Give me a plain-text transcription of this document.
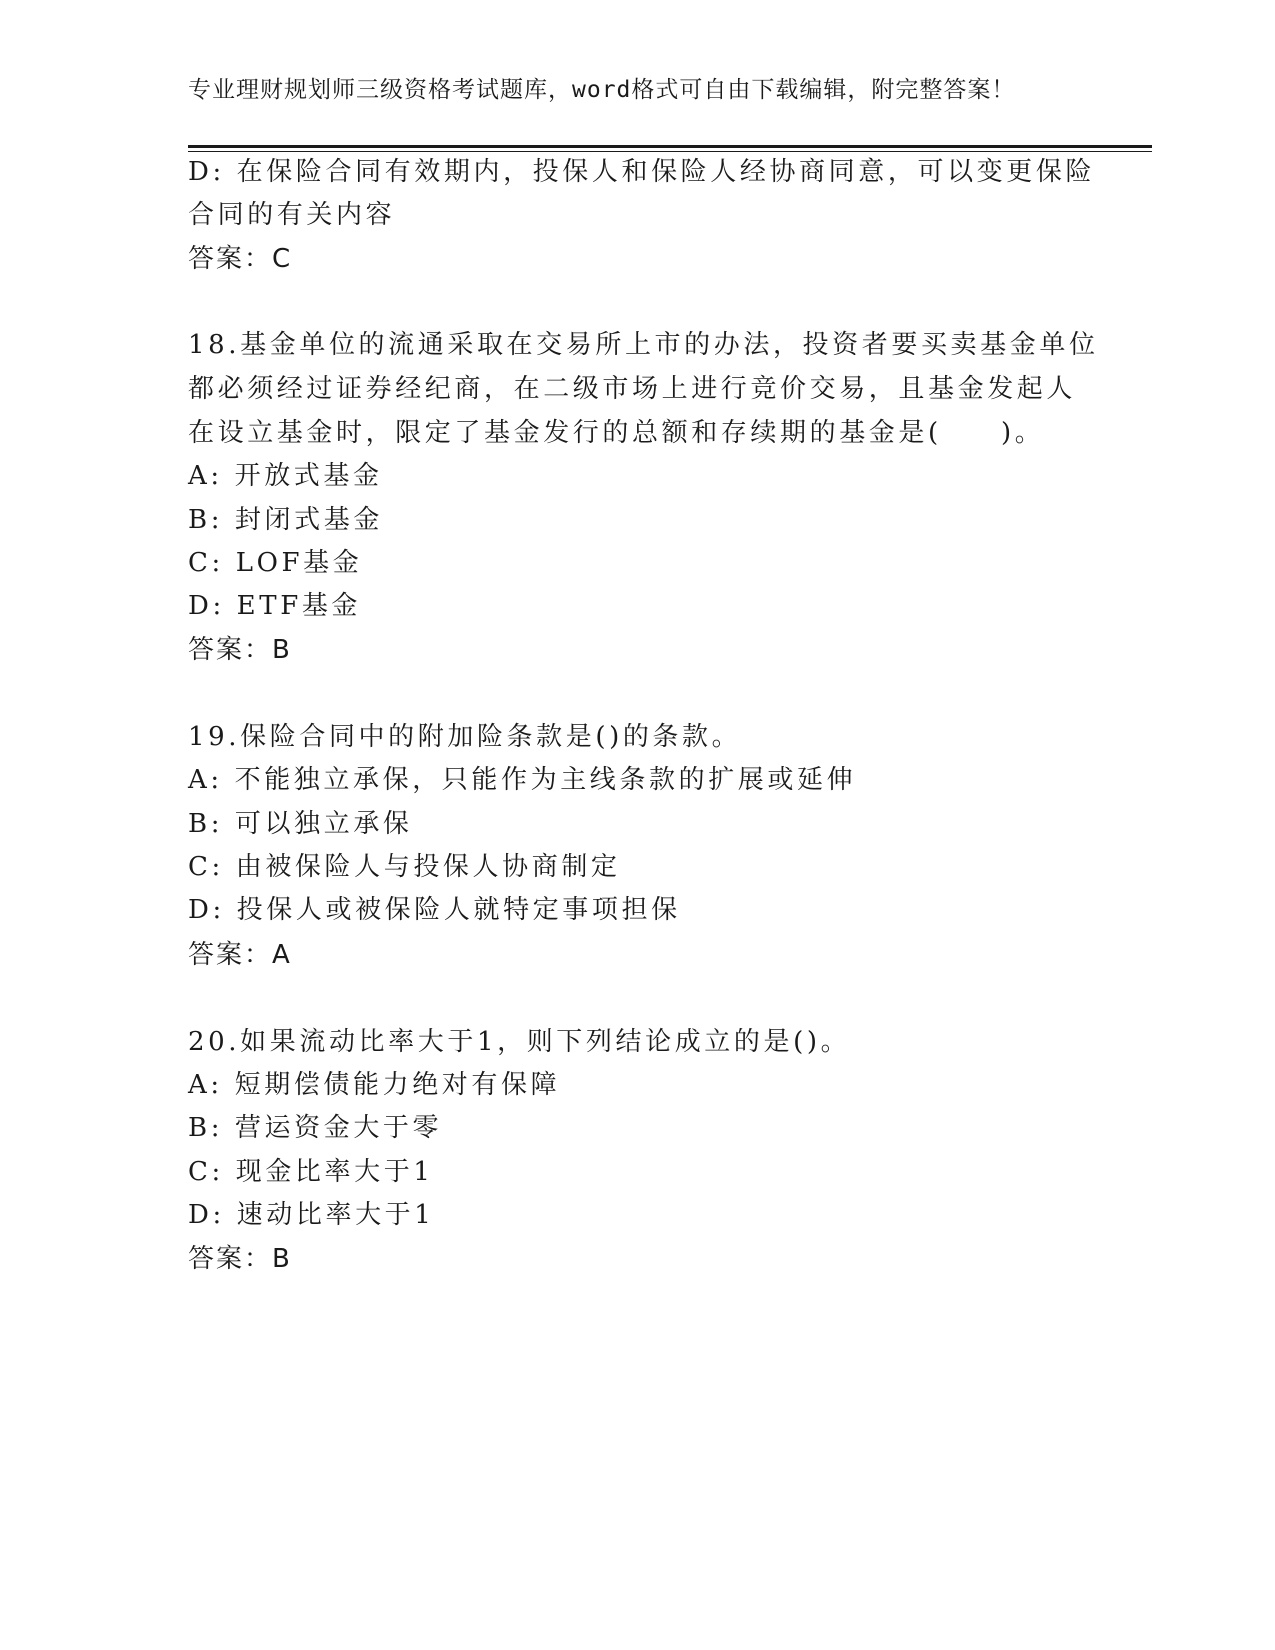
专业理财规划师三级资格考试题库，word格式可自由下载编辑，附完整答案！
D: 在保险合同有效期内，投保人和保险人经协商同意，可以变更保险
合同的有关内容
答案：C
18.基金单位的流通采取在交易所上市的办法，投资者要买卖基金单位
都必须经过证券经纪商，在二级市场上进行竞价交易，且基金发起人
在设立基金时，限定了基金发行的总额和存续期的基金是(　　)。
A: 开放式基金
B: 封闭式基金
C: LOF基金
D: ETF基金
答案：B
19.保险合同中的附加险条款是()的条款。
A: 不能独立承保，只能作为主线条款的扩展或延伸
B: 可以独立承保
C: 由被保险人与投保人协商制定
D: 投保人或被保险人就特定事项担保
答案：A
20.如果流动比率大于1，则下列结论成立的是()。
A: 短期偿债能力绝对有保障
B: 营运资金大于零
C: 现金比率大于1
D: 速动比率大于1
答案：B
